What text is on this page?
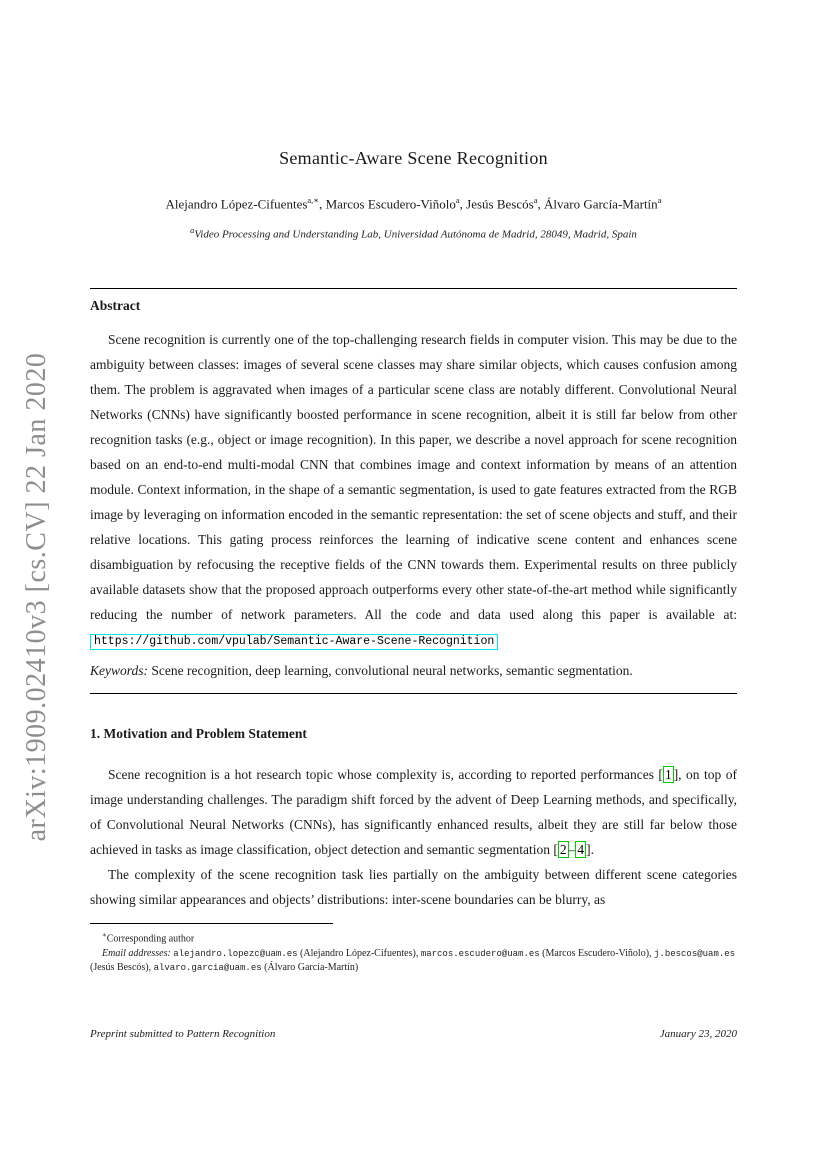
arXiv:1909.02410v3 [cs.CV] 22 Jan 2020
Semantic-Aware Scene Recognition
Alejandro López-Cifuentes$^{a,∗}$, Marcos Escudero-Viñolo$^a$, Jesús Bescós$^a$, Álvaro García-Martín$^a$
$^a$Video Processing and Understanding Lab, Universidad Autónoma de Madrid, 28049, Madrid, Spain
Abstract

Scene recognition is currently one of the top-challenging research fields in computer vision. This may be due to the ambiguity between classes: images of several scene classes may share similar objects, which causes confusion among them. The problem is aggravated when images of a particular scene class are notably different. Convolutional Neural Networks (CNNs) have significantly boosted performance in scene recognition, albeit it is still far below from other recognition tasks (e.g., object or image recognition). In this paper, we describe a novel approach for scene recognition based on an end-to-end multi-modal CNN that combines image and context information by means of an attention module. Context information, in the shape of a semantic segmentation, is used to gate features extracted from the RGB image by leveraging on information encoded in the semantic representation: the set of scene objects and stuff, and their relative locations. This gating process reinforces the learning of indicative scene content and enhances scene disambiguation by refocusing the receptive fields of the CNN towards them. Experimental results on three publicly available datasets show that the proposed approach outperforms every other state-of-the-art method while significantly reducing the number of network parameters. All the code and data used along this paper is available at: https://github.com/vpulab/Semantic-Aware-Scene-Recognition

Keywords: Scene recognition, deep learning, convolutional neural networks, semantic segmentation.

1. Motivation and Problem Statement

Scene recognition is a hot research topic whose complexity is, according to reported performances [ 1 ], on top of image understanding challenges. The paradigm shift forced by the advent of Deep Learning methods, and specifically, of Convolutional Neural Networks (CNNs), has significantly enhanced results, albeit they are still far below those achieved in tasks as image classification, object detection and semantic segmentation [ 2 – 4 ].

The complexity of the scene recognition task lies partially on the ambiguity between different scene categories showing similar appearances and objects’ distributions: inter-scene boundaries can be blurry, as

∗Corresponding author
Email addresses: alejandro.lopezc@uam.es (Alejandro López-Cifuentes), marcos.escudero@uam.es (Marcos Escudero-Viñolo), j.bescos@uam.es (Jesús Bescós), alvaro.garcia@uam.es (Álvaro García-Martín)
Preprint submitted to Pattern Recognition	January 23, 2020
